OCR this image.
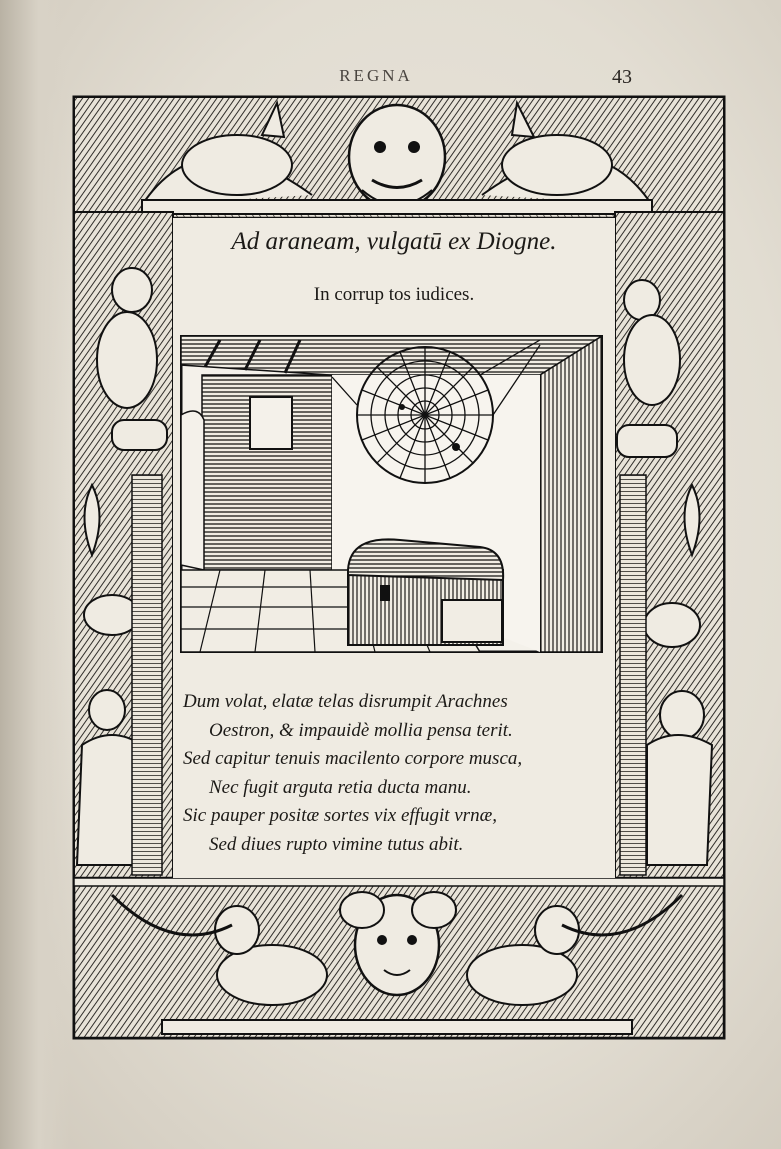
REGNA	43
Ad araneam, vulgatū ex Diogne.
In corrup tos iudices.
Dum volat, elatæ telas disrumpit Arachnes
Oestron, & impauidè mollia pensa terit.
Sed capitur tenuis macilento corpore musca,
Nec fugit arguta retia ducta manu.
Sic pauper positæ sortes vix effugit vrnæ,
Sed diues rupto vimine tutus abit.
